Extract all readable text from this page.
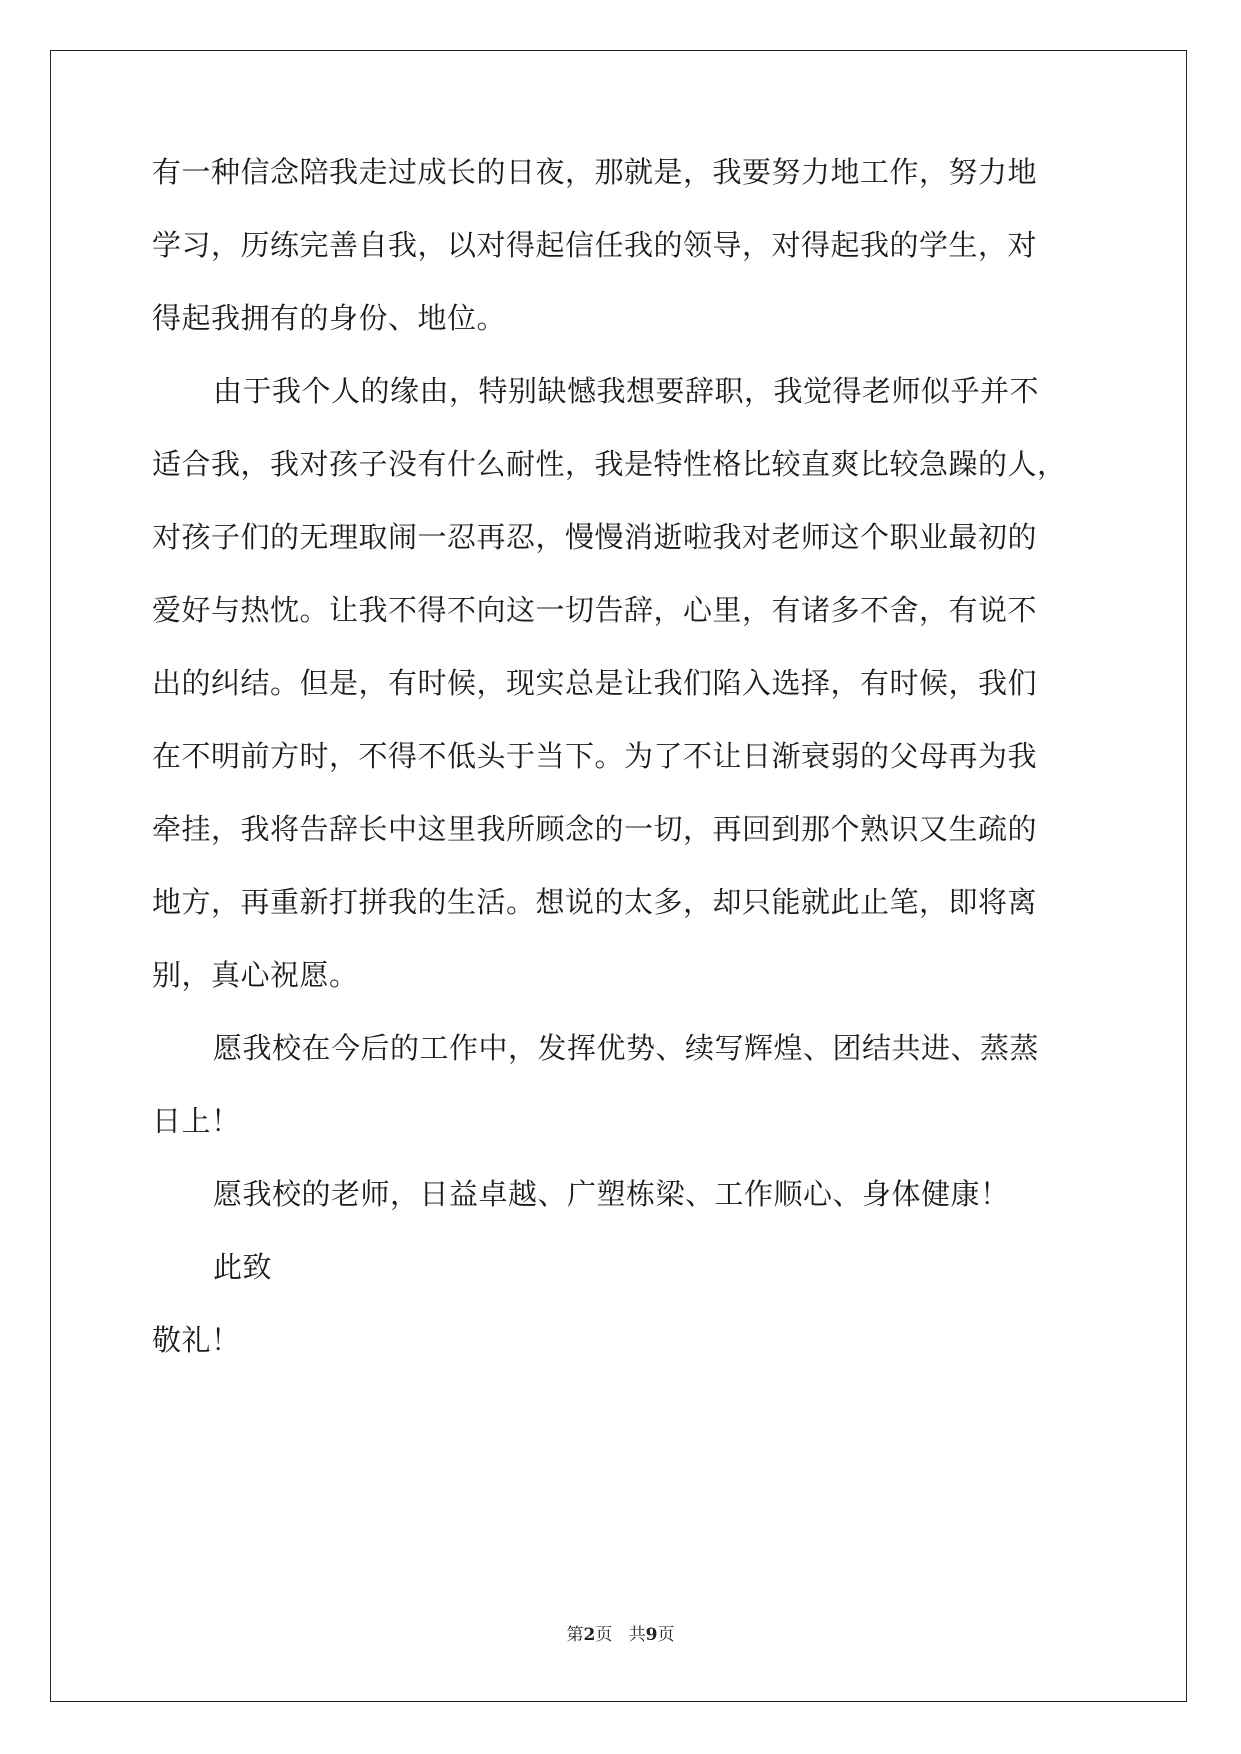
有一种信念陪我走过成长的日夜，那就是，我要努力地工作，努力地
学习，历练完善自我，以对得起信任我的领导，对得起我的学生，对
得起我拥有的身份、地位。
由于我个人的缘由，特别缺憾我想要辞职，我觉得老师似乎并不
适合我，我对孩子没有什么耐性，我是特性格比较直爽比较急躁的人，
对孩子们的无理取闹一忍再忍，慢慢消逝啦我对老师这个职业最初的
爱好与热忱。让我不得不向这一切告辞，心里，有诸多不舍，有说不
出的纠结。但是，有时候，现实总是让我们陷入选择，有时候，我们
在不明前方时，不得不低头于当下。为了不让日渐衰弱的父母再为我
牵挂，我将告辞长中这里我所顾念的一切，再回到那个熟识又生疏的
地方，再重新打拼我的生活。想说的太多，却只能就此止笔，即将离
别，真心祝愿。
愿我校在今后的工作中，发挥优势、续写辉煌、团结共进、蒸蒸
日上！
愿我校的老师，日益卓越、广塑栋梁、工作顺心、身体健康！
此致
敬礼！
第2页 共9页
